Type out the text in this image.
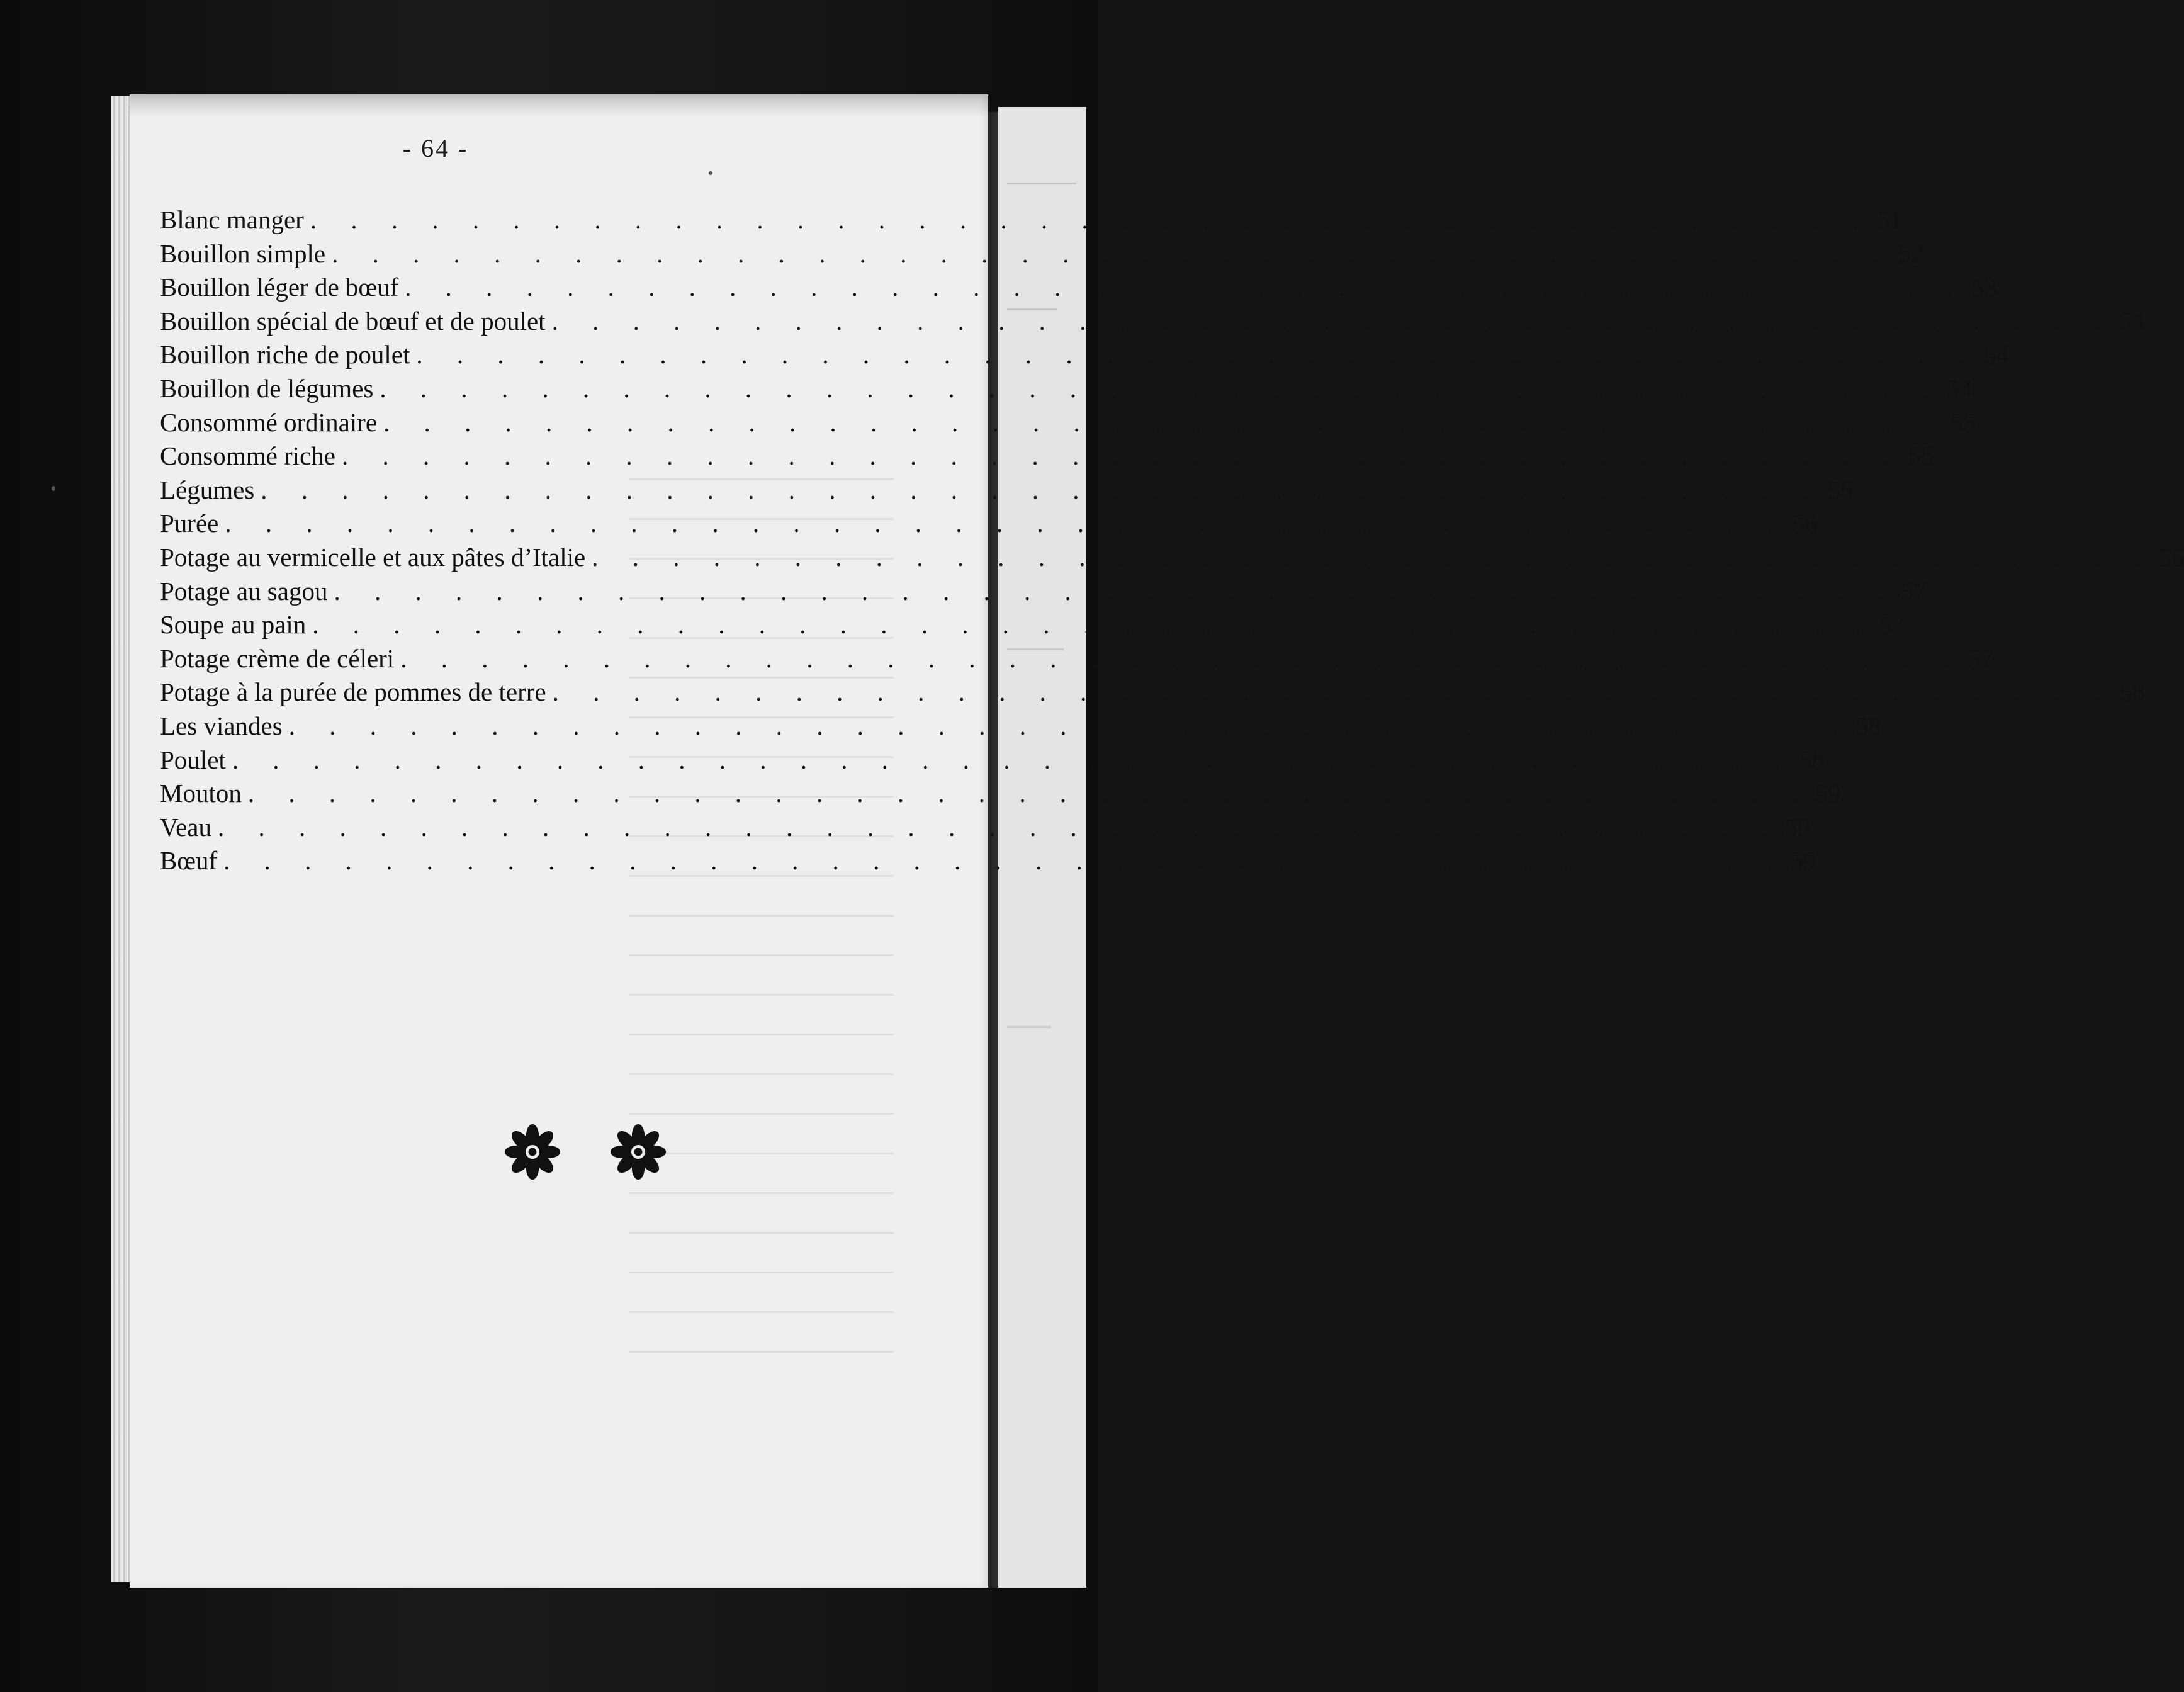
- 64 -
Blanc manger . . . . . . . . . . . . . . . . . . . . . . . . . . . . . . . . . . . . . . . 51
Bouillon simple . . . . . . . . . . . . . . . . . . . . . . . . . . . . . . . . . . . . . . . 52
Bouillon léger de bœuf . . . . . . . . . . . . . . . . . . . . . . . . . . . . . . . . . . . . . . . 53
Bouillon spécial de bœuf et de poulet . . . . . . . . . . . . . . . . . . . . . . . . . . . . . . . . . . . . . . . 54
Bouillon riche de poulet . . . . . . . . . . . . . . . . . . . . . . . . . . . . . . . . . . . . . . . 54
Bouillon de légumes . . . . . . . . . . . . . . . . . . . . . . . . . . . . . . . . . . . . . . . 54
Consommé ordinaire . . . . . . . . . . . . . . . . . . . . . . . . . . . . . . . . . . . . . . . 55
Consommé riche . . . . . . . . . . . . . . . . . . . . . . . . . . . . . . . . . . . . . . . 55
Légumes . . . . . . . . . . . . . . . . . . . . . . . . . . . . . . . . . . . . . . . 56
Purée . . . . . . . . . . . . . . . . . . . . . . . . . . . . . . . . . . . . . . . 56
Potage au vermicelle et aux pâtes d’Italie . . . . . . . . . . . . . . . . . . . . . . . . . . . . . . . . . . . . . . . 56
Potage au sagou . . . . . . . . . . . . . . . . . . . . . . . . . . . . . . . . . . . . . . . 57
Soupe au pain . . . . . . . . . . . . . . . . . . . . . . . . . . . . . . . . . . . . . . . 57
Potage crème de céleri . . . . . . . . . . . . . . . . . . . . . . . . . . . . . . . . . . . . . . . 57
Potage à la purée de pommes de terre . . . . . . . . . . . . . . . . . . . . . . . . . . . . . . . . . . . . . . . 58
Les viandes . . . . . . . . . . . . . . . . . . . . . . . . . . . . . . . . . . . . . . . 58
Poulet . . . . . . . . . . . . . . . . . . . . . . . . . . . . . . . . . . . . . . . 58
Mouton . . . . . . . . . . . . . . . . . . . . . . . . . . . . . . . . . . . . . . . 59
Veau . . . . . . . . . . . . . . . . . . . . . . . . . . . . . . . . . . . . . . . 59
Bœuf . . . . . . . . . . . . . . . . . . . . . . . . . . . . . . . . . . . . . . . 59
